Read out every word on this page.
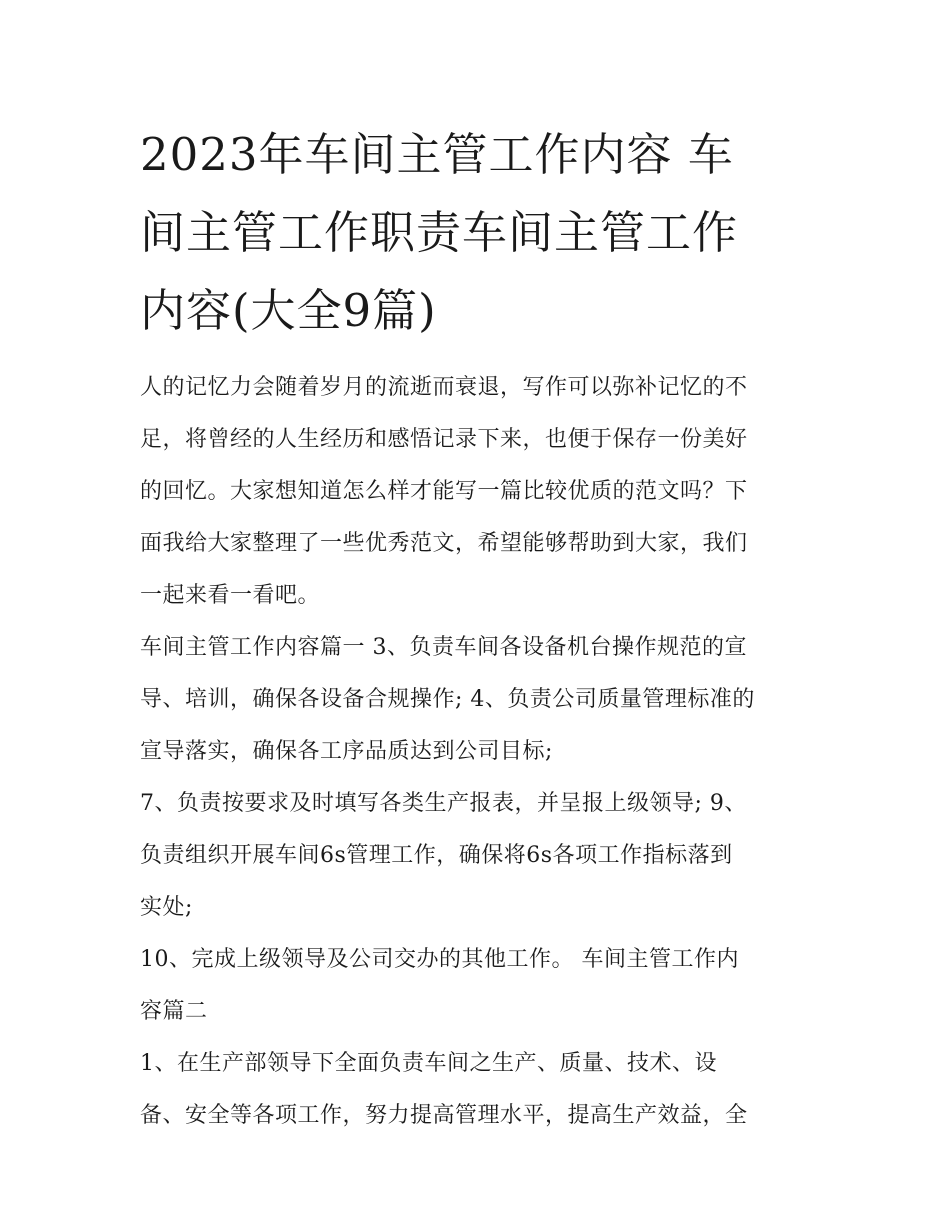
2023年车间主管工作内容 车
间主管工作职责车间主管工作
内容(大全9篇)

人的记忆力会随着岁月的流逝而衰退，写作可以弥补记忆的不
足，将曾经的人生经历和感悟记录下来，也便于保存一份美好
的回忆。大家想知道怎么样才能写一篇比较优质的范文吗？下
面我给大家整理了一些优秀范文，希望能够帮助到大家，我们
一起来看一看吧。

车间主管工作内容篇一 3、负责车间各设备机台操作规范的宣
导、培训，确保各设备合规操作; 4、负责公司质量管理标准的
宣导落实，确保各工序品质达到公司目标;

7、负责按要求及时填写各类生产报表，并呈报上级领导; 9、
负责组织开展车间6s管理工作，确保将6s各项工作指标落到
实处;

10、完成上级领导及公司交办的其他工作。 车间主管工作内
容篇二

1、在生产部领导下全面负责车间之生产、质量、技术、设
备、安全等各项工作，努力提高管理水平，提高生产效益，全
